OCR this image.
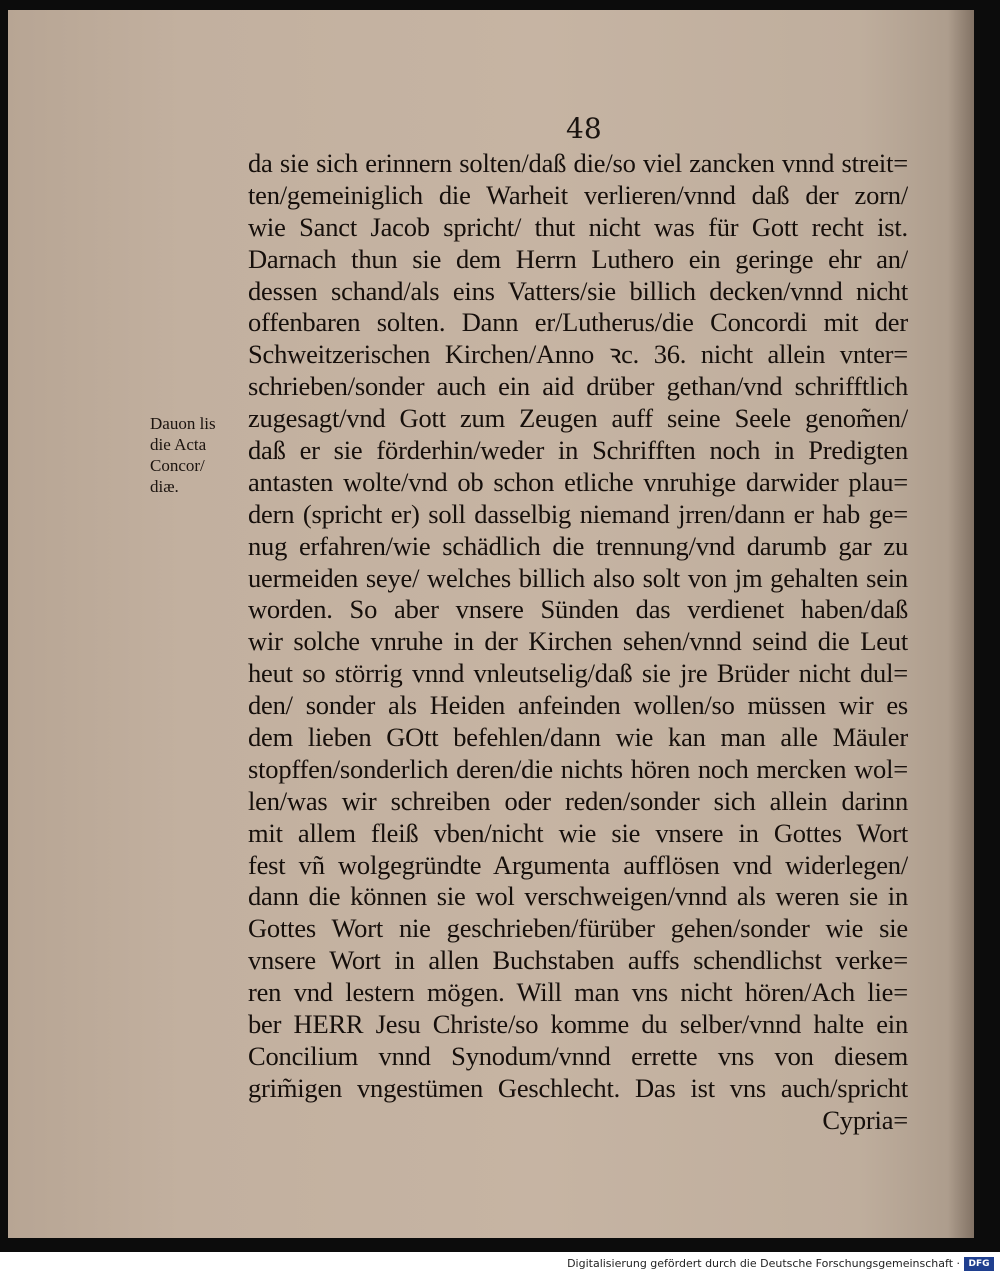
48
Dauon lis
die Acta
Concor/
diæ.
da sie sich erinnern solten/daß die/so viel zancken vnnd streit=
ten/gemeiniglich die Warheit verlieren/vnnd daß der zorn/
wie Sanct Jacob spricht/ thut nicht was für Gott recht ist.
Darnach thun sie dem Herrn Luthero ein geringe ehr an/
dessen schand/als eins Vatters/sie billich decken/vnnd nicht
offenbaren solten. Dann er/Lutherus/die Concordi mit der
Schweitzerischen Kirchen/Anno ꝛc. 36. nicht allein vnter=
schrieben/sonder auch ein aid drüber gethan/vnd schrifftlich
zugesagt/vnd Gott zum Zeugen auff seine Seele genom̃en/
daß er sie förderhin/weder in Schrifften noch in Predigten
antasten wolte/vnd ob schon etliche vnruhige darwider plau=
dern (spricht er) soll dasselbig niemand jrren/dann er hab ge=
nug erfahren/wie schädlich die trennung/vnd darumb gar zu
uermeiden seye/ welches billich also solt von jm gehalten sein
worden. So aber vnsere Sünden das verdienet haben/daß
wir solche vnruhe in der Kirchen sehen/vnnd seind die Leut
heut so störrig vnnd vnleutselig/daß sie jre Brüder nicht dul=
den/ sonder als Heiden anfeinden wollen/so müssen wir es
dem lieben GOtt befehlen/dann wie kan man alle Mäuler
stopffen/sonderlich deren/die nichts hören noch mercken wol=
len/was wir schreiben oder reden/sonder sich allein darinn
mit allem fleiß vben/nicht wie sie vnsere in Gottes Wort
fest vñ wolgegründte Argumenta aufflösen vnd widerlegen/
dann die können sie wol verschweigen/vnnd als weren sie in
Gottes Wort nie geschrieben/fürüber gehen/sonder wie sie
vnsere Wort in allen Buchstaben auffs schendlichst verke=
ren vnd lestern mögen. Will man vns nicht hören/Ach lie=
ber HERR Jesu Christe/so komme du selber/vnnd halte ein
Concilium vnnd Synodum/vnnd errette vns von diesem
grim̃igen vngestümen Geschlecht. Das ist vns auch/spricht
Cypria=
Digitalisierung gefördert durch die Deutsche Forschungsgemeinschaft · DFG
